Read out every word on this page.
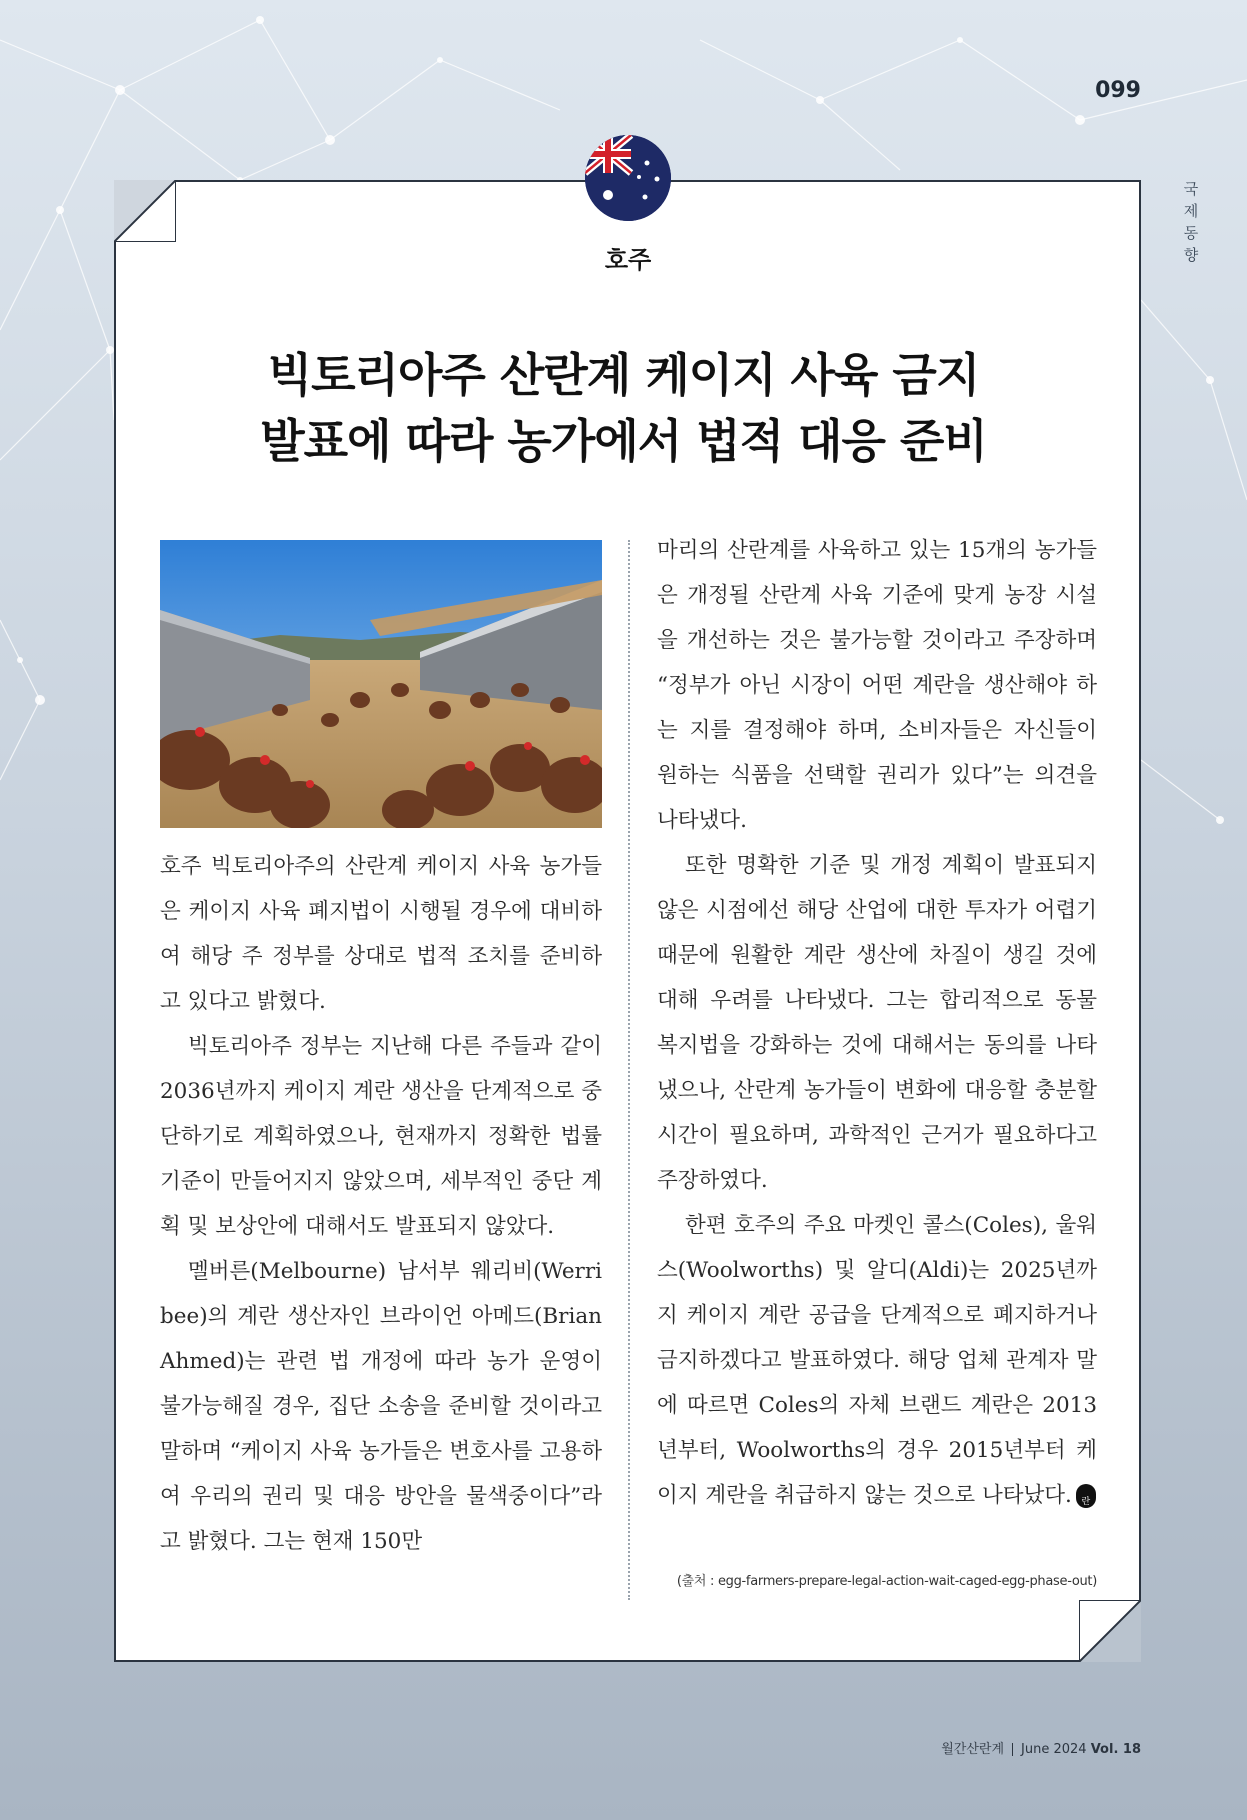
099
국제 동향
호주
빅토리아주 산란계 케이지 사육 금지
발표에 따라 농가에서 법적 대응 준비

호주 빅토리아주의 산란계 케이지 사육 농가들은 케이지 사육 폐지법이 시행될 경우에 대비하여 해당 주 정부를 상대로 법적 조치를 준비하고 있다고 밝혔다.

빅토리아주 정부는 지난해 다른 주들과 같이 2036년까지 케이지 계란 생산을 단계적으로 중단하기로 계획하였으나, 현재까지 정확한 법률 기준이 만들어지지 않았으며, 세부적인 중단 계획 및 보상안에 대해서도 발표되지 않았다.

멜버른(Melbourne) 남서부 웨리비(Werribee)의 계란 생산자인 브라이언 아메드(Brian Ahmed)는 관련 법 개정에 따라 농가 운영이 불가능해질 경우, 집단 소송을 준비할 것이라고 말하며 “케이지 사육 농가들은 변호사를 고용하여 우리의 권리 및 대응 방안을 물색중이다”라고 밝혔다. 그는 현재 150만

마리의 산란계를 사육하고 있는 15개의 농가들은 개정될 산란계 사육 기준에 맞게 농장 시설을 개선하는 것은 불가능할 것이라고 주장하며 “정부가 아닌 시장이 어떤 계란을 생산해야 하는 지를 결정해야 하며, 소비자들은 자신들이 원하는 식품을 선택할 권리가 있다”는 의견을 나타냈다.

또한 명확한 기준 및 개정 계획이 발표되지 않은 시점에선 해당 산업에 대한 투자가 어렵기 때문에 원활한 계란 생산에 차질이 생길 것에 대해 우려를 나타냈다. 그는 합리적으로 동물 복지법을 강화하는 것에 대해서는 동의를 나타냈으나, 산란계 농가들이 변화에 대응할 충분할 시간이 필요하며, 과학적인 근거가 필요하다고 주장하였다.

한편 호주의 주요 마켓인 콜스(Coles), 울워스(Woolworths) 및 알디(Aldi)는 2025년까지 케이지 계란 공급을 단계적으로 폐지하거나 금지하겠다고 발표하였다. 해당 업체 관계자 말에 따르면 Coles의 자체 브랜드 계란은 2013년부터, Woolworths의 경우 2015년부터 케이지 계란을 취급하지 않는 것으로 나타났다.	산란

(출처 : egg-farmers-prepare-legal-action-wait-caged-egg-phase-out)
월간산란계 June 2024 Vol. 18
